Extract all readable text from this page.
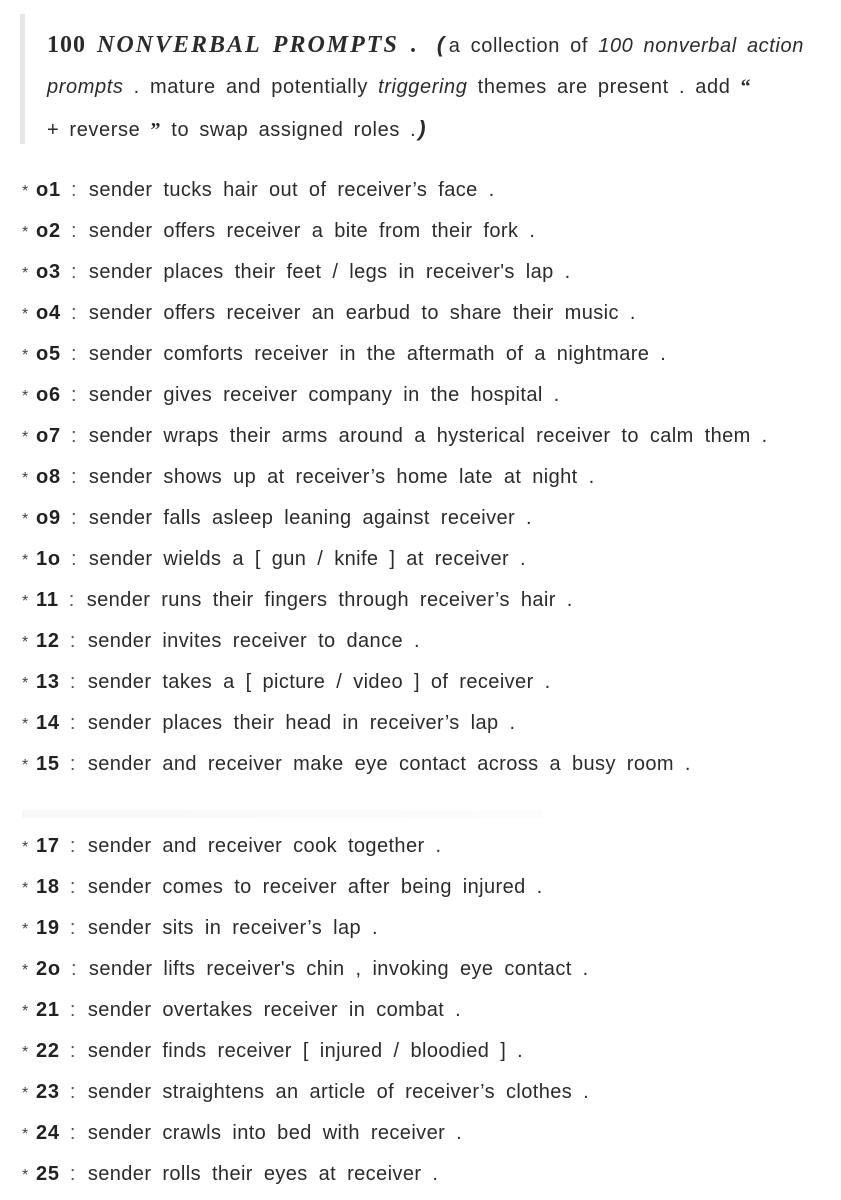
100 NONVERBAL PROMPTS . ( a collection of 100 nonverbal action prompts . mature and potentially triggering themes are present . add “
+ reverse ” to swap assigned roles .)
* o1 : sender tucks hair out of receiver’s face .
* o2 : sender offers receiver a bite from their fork .
* o3 : sender places their feet / legs in receiver's lap .
* o4 : sender offers receiver an earbud to share their music .
* o5 : sender comforts receiver in the aftermath of a nightmare .
* o6 : sender gives receiver company in the hospital .
* o7 : sender wraps their arms around a hysterical receiver to calm them .
* o8 : sender shows up at receiver’s home late at night .
* o9 : sender falls asleep leaning against receiver .
* 1o : sender wields a [ gun / knife ] at receiver .
* 11 : sender runs their fingers through receiver’s hair .
* 12 : sender invites receiver to dance .
* 13 : sender takes a [ picture / video ] of receiver .
* 14 : sender places their head in receiver’s lap .
* 15 : sender and receiver make eye contact across a busy room .
* 17 : sender and receiver cook together .
* 18 : sender comes to receiver after being injured .
* 19 : sender sits in receiver’s lap .
* 2o : sender lifts receiver's chin , invoking eye contact .
* 21 : sender overtakes receiver in combat .
* 22 : sender finds receiver [ injured / bloodied ] .
* 23 : sender straightens an article of receiver’s clothes .
* 24 : sender crawls into bed with receiver .
* 25 : sender rolls their eyes at receiver .
